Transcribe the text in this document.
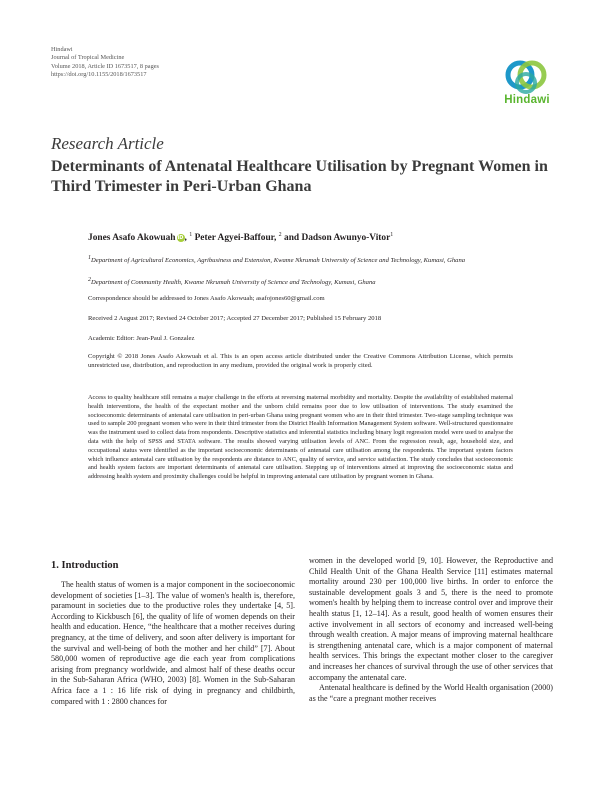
Hindawi
Journal of Tropical Medicine
Volume 2018, Article ID 1673517, 8 pages
https://doi.org/10.1155/2018/1673517
Hindawi
Research Article
Determinants of Antenatal Healthcare Utilisation by Pregnant Women in Third Trimester in Peri-Urban Ghana
Jones Asafo Akowuah iD, $^1$ Peter Agyei-Baffour, $^2$ and Dadson Awunyo-Vitor$^1$
$^1$Department of Agricultural Economics, Agribusiness and Extension, Kwame Nkrumah University of Science and Technology, Kumasi, Ghana
$^2$Department of Community Health, Kwame Nkrumah University of Science and Technology, Kumasi, Ghana
Correspondence should be addressed to Jones Asafo Akowuah; asafojones60@gmail.com
Received 2 August 2017; Revised 24 October 2017; Accepted 27 December 2017; Published 15 February 2018
Academic Editor: Jean-Paul J. Gonzalez
Copyright © 2018 Jones Asafo Akowuah et al. This is an open access article distributed under the Creative Commons Attribution License, which permits unrestricted use, distribution, and reproduction in any medium, provided the original work is properly cited.
Access to quality healthcare still remains a major challenge in the efforts at reversing maternal morbidity and mortality. Despite the availability of established maternal health interventions, the health of the expectant mother and the unborn child remains poor due to low utilisation of interventions. The study examined the socioeconomic determinants of antenatal care utilisation in peri-urban Ghana using pregnant women who are in their third trimester. Two-stage sampling technique was used to sample 200 pregnant women who were in their third trimester from the District Health Information Management System software. Well-structured questionnaire was the instrument used to collect data from respondents. Descriptive statistics and inferential statistics including binary logit regression model were used to analyse the data with the help of SPSS and STATA software. The results showed varying utilisation levels of ANC. From the regression result, age, household size, and occupational status were identified as the important socioeconomic determinants of antenatal care utilisation among the respondents. The important system factors which influence antenatal care utilisation by the respondents are distance to ANC, quality of service, and service satisfaction. The study concludes that socioeconomic and health system factors are important determinants of antenatal care utilisation. Stepping up of interventions aimed at improving the socioeconomic status and addressing health system and proximity challenges could be helpful in improving antenatal care utilisation by pregnant women in Ghana.
1. Introduction

The health status of women is a major component in the socioeconomic development of societies [1–3]. The value of women's health is, therefore, paramount in societies due to the productive roles they undertake [4, 5]. According to Kickbusch [6], the quality of life of women depends on their health and education. Hence, “the healthcare that a mother receives during pregnancy, at the time of delivery, and soon after delivery is important for the survival and well-being of both the mother and her child” [7]. About 580,000 women of reproductive age die each year from complications arising from pregnancy worldwide, and almost half of these deaths occur in the Sub-Saharan Africa (WHO, 2003) [8]. Women in the Sub-Saharan Africa face a 1 : 16 life risk of dying in pregnancy and childbirth, compared with 1 : 2800 chances for

women in the developed world [9, 10]. However, the Reproductive and Child Health Unit of the Ghana Health Service [11] estimates maternal mortality around 230 per 100,000 live births. In order to enforce the sustainable development goals 3 and 5, there is the need to promote women's health by helping them to increase control over and improve their health status [1, 12–14]. As a result, good health of women ensures their active involvement in all sectors of economy and increased well-being through wealth creation. A major means of improving maternal healthcare is strengthening antenatal care, which is a major component of maternal health services. This brings the expectant mother closer to the caregiver and increases her chances of survival through the use of other services that accompany the antenatal care.

Antenatal healthcare is defined by the World Health organisation (2000) as the “care a pregnant mother receives
